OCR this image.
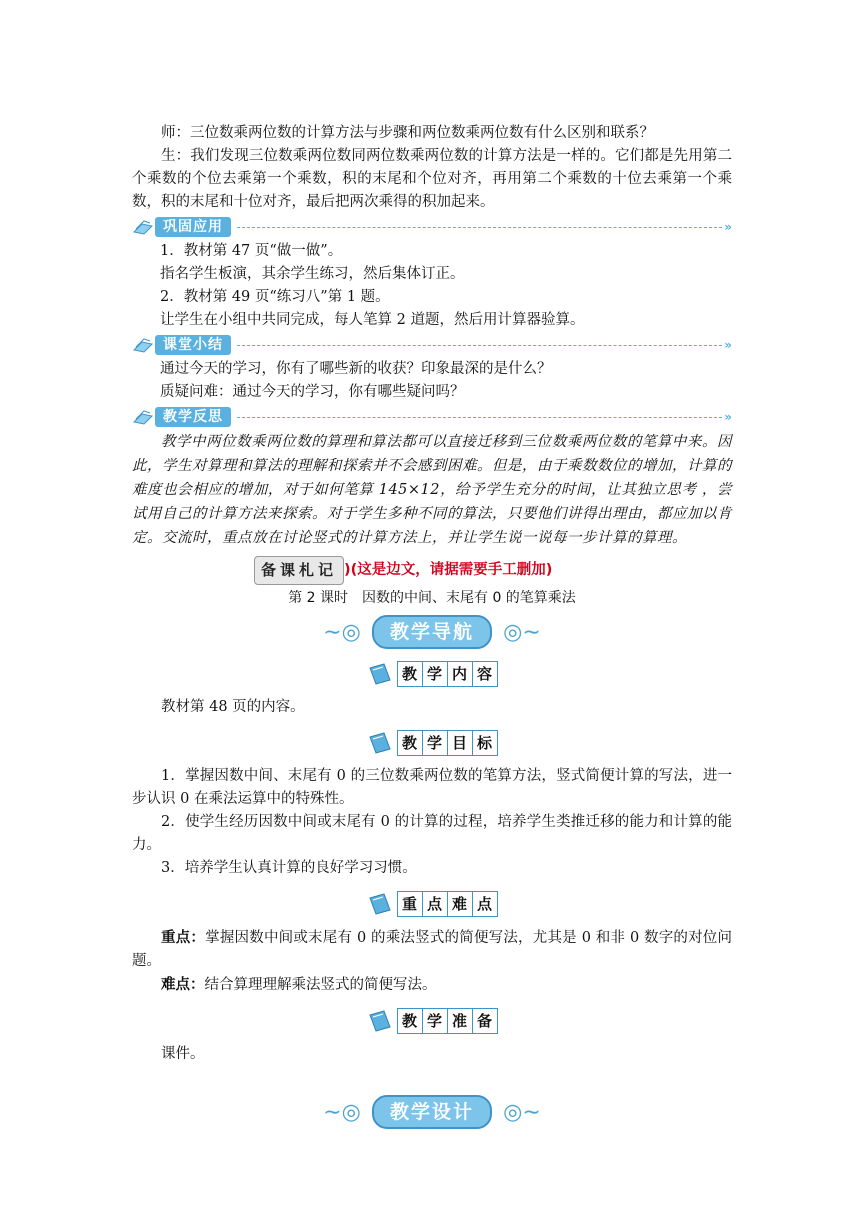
师：三位数乘两位数的计算方法与步骤和两位数乘两位数有什么区别和联系？

生：我们发现三位数乘两位数同两位数乘两位数的计算方法是一样的。它们都是先用第二个乘数的个位去乘第一个乘数，积的末尾和个位对齐，再用第二个乘数的十位去乘第一个乘数，积的末尾和十位对齐，最后把两次乘得的积加起来。

巩固应用	»

1．教材第 47 页“做一做”。

指名学生板演，其余学生练习，然后集体订正。

2．教材第 49 页“练习八”第 1 题。

让学生在小组中共同完成，每人笔算 2 道题，然后用计算器验算。

课堂小结	»

通过今天的学习，你有了哪些新的收获？印象最深的是什么？

质疑问难：通过今天的学习，你有哪些疑问吗？

教学反思	»

教学中两位数乘两位数的算理和算法都可以直接迁移到三位数乘两位数的笔算中来。因此，学生对算理和算法的理解和探索并不会感到困难。但是，由于乘数数位的增加，计算的难度也会相应的增加，对于如何笔算 145×12，给予学生充分的时间，让其独立思考 ，尝试用自己的计算方法来探索。对于学生多种不同的算法，只要他们讲得出理由，都应加以肯定。交流时，重点放在讨论竖式的计算方法上，并让学生说一说每一步计算的算理。

备课札记 )(这是边文，请据需要手工删加)
第 2 课时　因数的中间、末尾有 0 的笔算乘法
∼◎	教学导航	◎∼
教 学 内 容

教材第 48 页的内容。

教 学 目 标

1．掌握因数中间、末尾有 0 的三位数乘两位数的笔算方法，竖式简便计算的写法，进一步认识 0 在乘法运算中的特殊性。

2．使学生经历因数中间或末尾有 0 的计算的过程，培养学生类推迁移的能力和计算的能力。

3．培养学生认真计算的良好学习习惯。

重 点 难 点

重点：掌握因数中间或末尾有 0 的乘法竖式的简便写法，尤其是 0 和非 0 数字的对位问题。

难点：结合算理理解乘法竖式的简便写法。

教 学 准 备

课件。

∼◎	教学设计	◎∼
